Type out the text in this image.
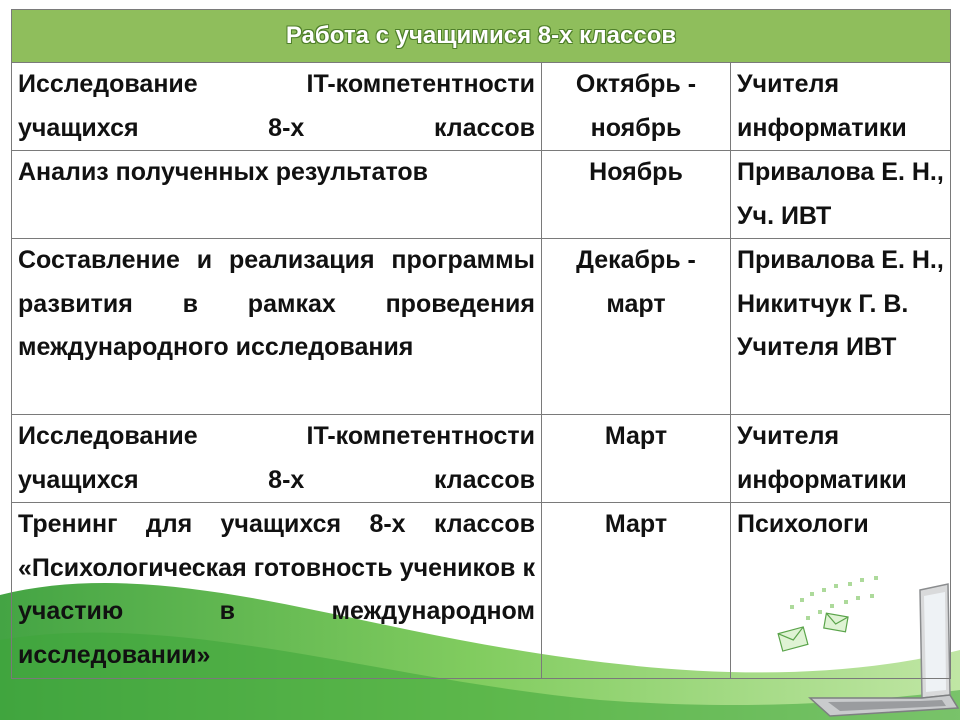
Работа с учащимися 8-х классов		
Исследование IT-компетентности учащихся 8-х классов	Октябрь - ноябрь	Учителя информатики
Анализ полученных результатов	Ноябрь	Привалова Е. Н., Уч. ИВТ
Составление и реализация программы развития в рамках проведения международного исследования	Декабрь - март	Привалова Е. Н., Никитчук Г. В. Учителя ИВТ
Исследование IT-компетентности учащихся 8-х классов	Март	Учителя информатики
Тренинг для учащихся 8-х классов «Психологическая готовность учеников к участию в международном исследовании»	Март	Психологи
